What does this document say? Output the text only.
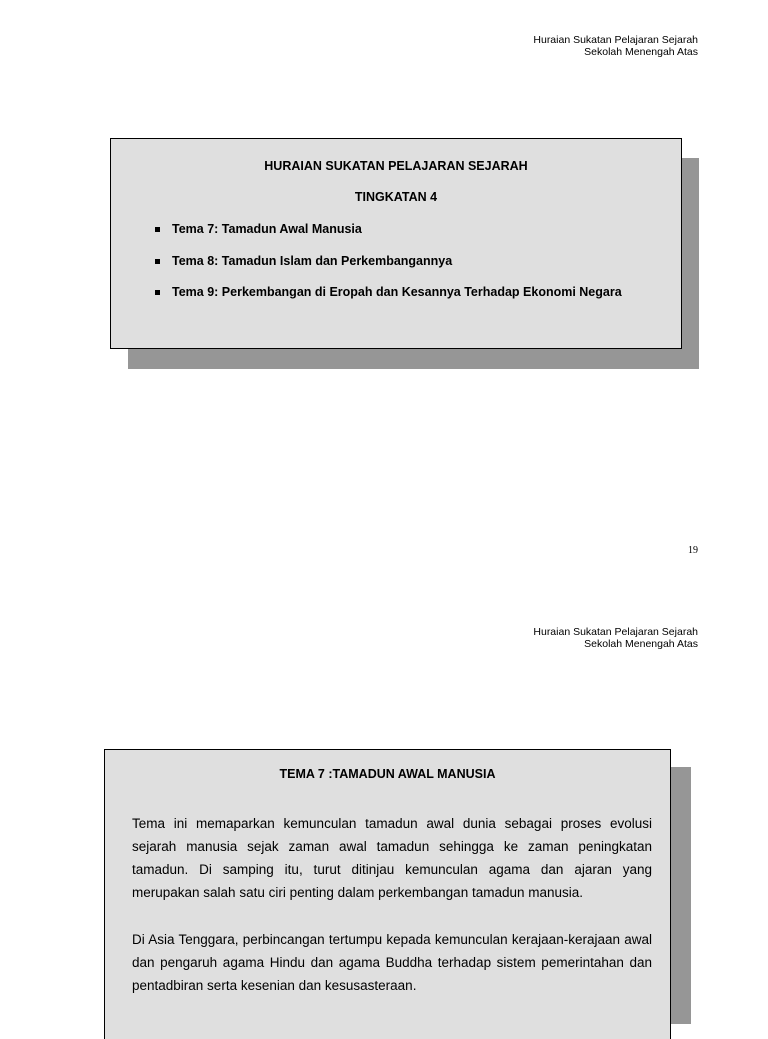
Huraian Sukatan Pelajaran Sejarah
Sekolah Menengah Atas
HURAIAN SUKATAN PELAJARAN SEJARAH
TINGKATAN 4
Tema 7: Tamadun Awal Manusia
Tema 8: Tamadun Islam dan Perkembangannya
Tema 9: Perkembangan di Eropah dan Kesannya Terhadap Ekonomi Negara
19
Huraian Sukatan Pelajaran Sejarah
Sekolah Menengah Atas
TEMA 7 :TAMADUN AWAL MANUSIA

Tema ini memaparkan kemunculan tamadun awal dunia sebagai proses evolusi sejarah manusia sejak zaman awal tamadun sehingga ke zaman peningkatan tamadun. Di samping itu, turut ditinjau kemunculan agama dan ajaran yang merupakan salah satu ciri penting dalam perkembangan tamadun manusia.

Di Asia Tenggara, perbincangan tertumpu kepada kemunculan kerajaan-kerajaan awal dan pengaruh agama Hindu dan agama Buddha terhadap sistem pemerintahan dan pentadbiran serta kesenian dan kesusasteraan.
